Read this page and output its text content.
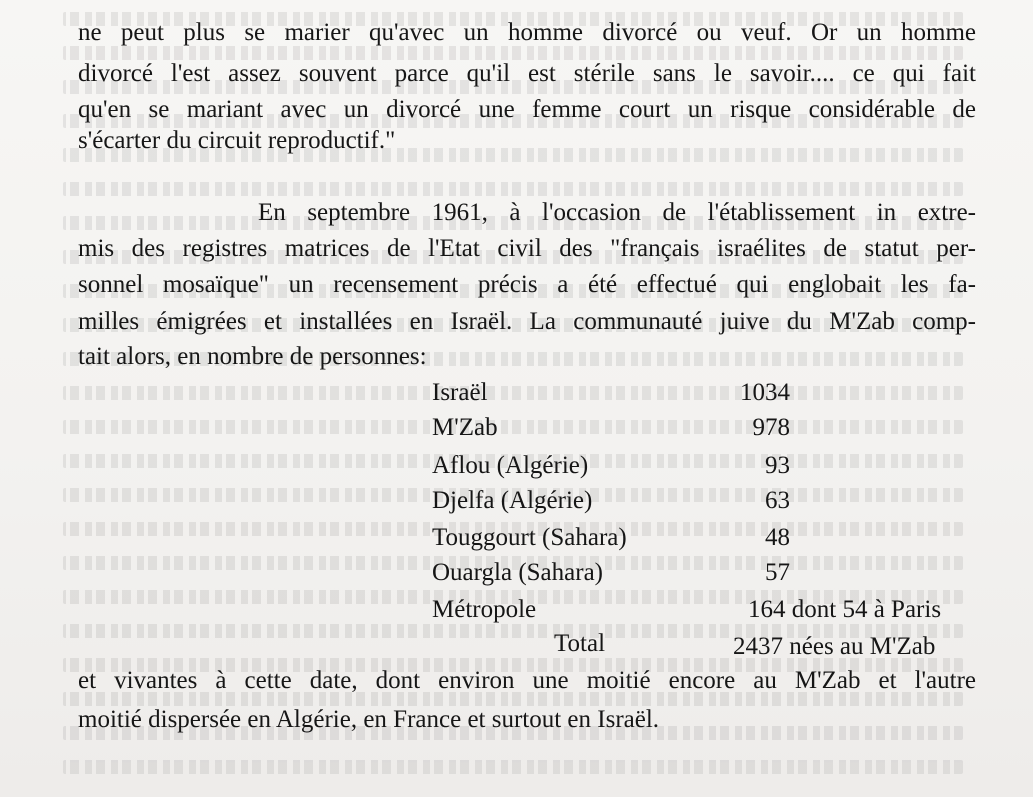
ne peut plus se marier qu'avec un homme divorcé ou veuf. Or un homme
divorcé l'est assez souvent parce qu'il est stérile sans le savoir.... ce qui fait
qu'en se mariant avec un divorcé une femme court un risque considérable de
s'écarter du circuit reproductif."
En septembre 1961, à l'occasion de l'établissement in extre-
mis des registres matrices de l'Etat civil des "français israélites de statut per-
sonnel mosaïque" un recensement précis a été effectué qui englobait les fa-
milles émigrées et installées en Israël. La communauté juive du M'Zab comp-
tait alors, en nombre de personnes:
Israël	1034
M'Zab	978
Aflou (Algérie)	93
Djelfa (Algérie)	63
Touggourt (Sahara)	48
Ouargla (Sahara)	57
Métropole	164 dont 54 à Paris
Total	2437 nées au M'Zab
et vivantes à cette date, dont environ une moitié encore au M'Zab et l'autre
moitié dispersée en Algérie, en France et surtout en Israël.
